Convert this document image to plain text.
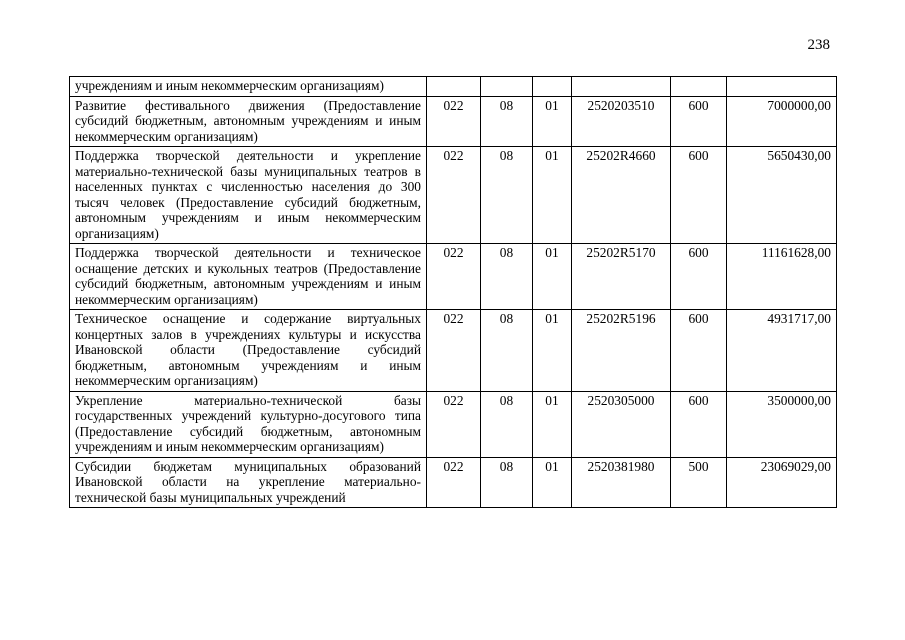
238
учреждениям и иным некоммерческим организациям)						
Развитие фестивального движения (Предоставление субсидий бюджетным, автономным учреждениям и иным некоммерческим организациям)	022	08	01	2520203510	600	7000000,00
Поддержка творческой деятельности и укрепление материально-технической базы муниципальных театров в населенных пунктах с численностью населения до 300 тысяч человек (Предоставление субсидий бюджетным, автономным учреждениям и иным некоммерческим организациям)	022	08	01	25202R4660	600	5650430,00
Поддержка творческой деятельности и техническое оснащение детских и кукольных театров (Предоставление субсидий бюджетным, автономным учреждениям и иным некоммерческим организациям)	022	08	01	25202R5170	600	11161628,00
Техническое оснащение и содержание виртуальных концертных залов в учреждениях культуры и искусства Ивановской области (Предоставление субсидий бюджетным, автономным учреждениям и иным некоммерческим организациям)	022	08	01	25202R5196	600	4931717,00
Укрепление материально-технической базы государственных учреждений культурно-досугового типа (Предоставление субсидий бюджетным, автономным учреждениям и иным некоммерческим организациям)	022	08	01	2520305000	600	3500000,00
Субсидии бюджетам муниципальных образований Ивановской области на укрепление материально-технической базы муниципальных учреждений	022	08	01	2520381980	500	23069029,00
